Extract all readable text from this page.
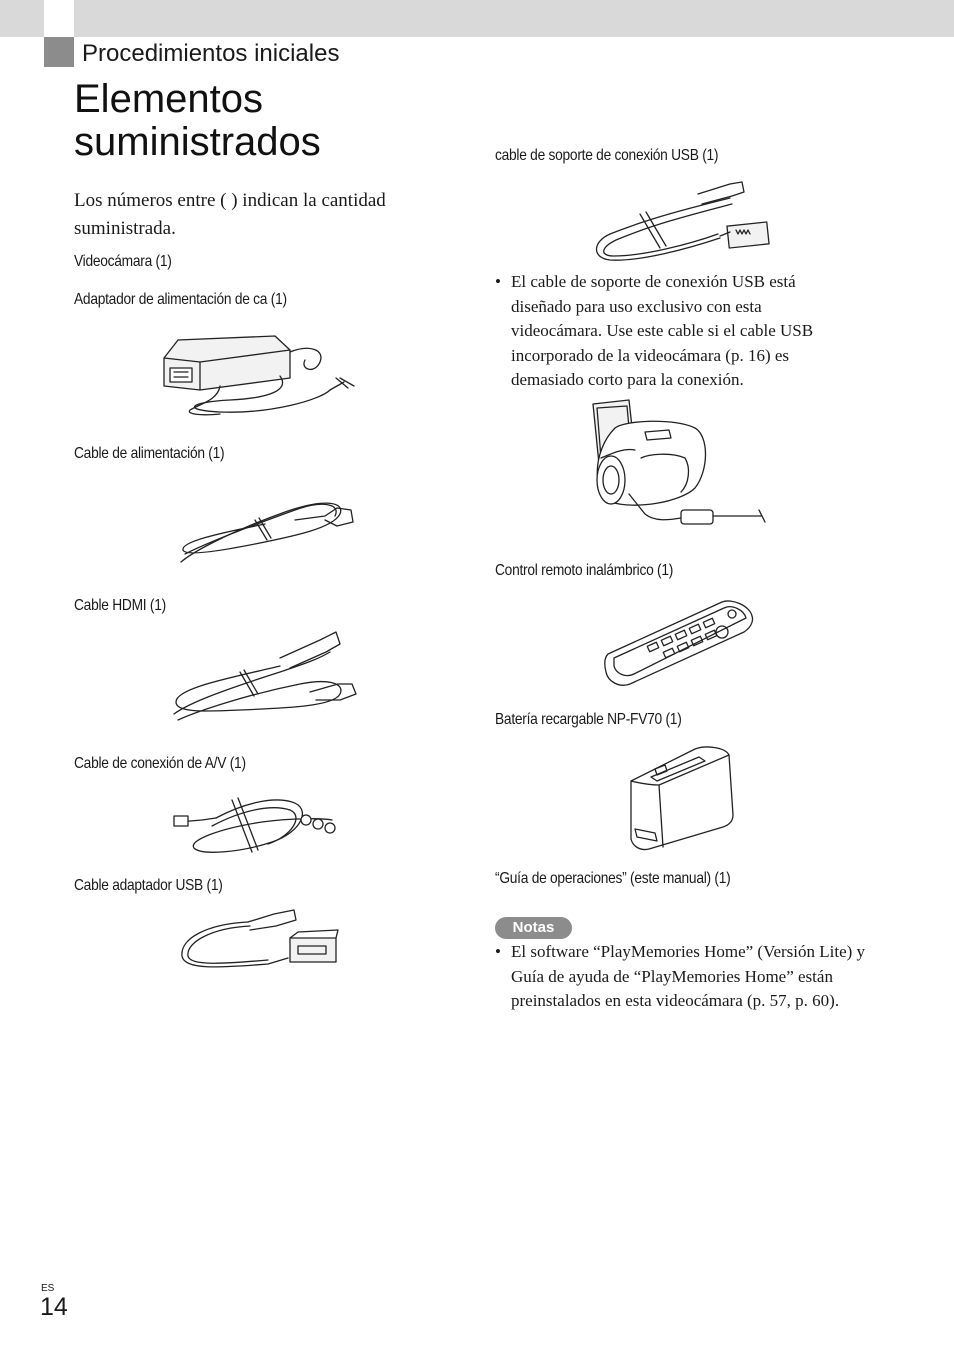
Procedimientos iniciales
Elementos
suministrados
Los números entre ( ) indican la cantidad suministrada.
Videocámara (1)
Adaptador de alimentación de ca (1)
Cable de alimentación (1)
Cable HDMI (1)
Cable de conexión de A/V (1)
Cable adaptador USB (1)
cable de soporte de conexión USB (1)
Control remoto inalámbrico (1)
Batería recargable NP-FV70 (1)
“Guía de operaciones” (este manual) (1)
• El cable de soporte de conexión USB está diseñado para uso exclusivo con esta videocámara. Use este cable si el cable USB incorporado de la videocámara (p. 16) es demasiado corto para la conexión.
Notas
• El software “PlayMemories Home” (Versión Lite) y Guía de ayuda de “PlayMemories Home” están preinstalados en esta videocámara (p. 57, p. 60).
ES
14
